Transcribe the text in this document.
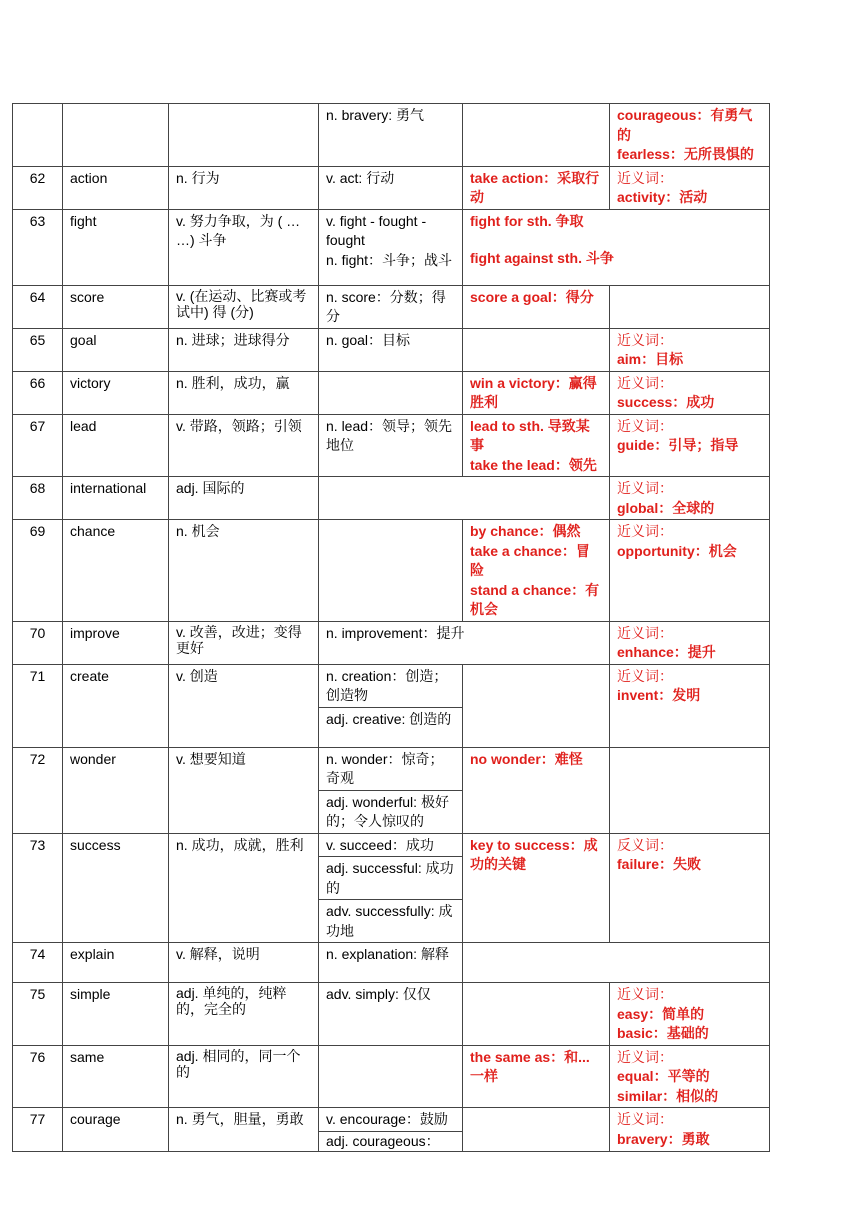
			n. bravery: 勇气		courageous：有勇气的
fearless：无所畏惧的

62	action	n. 行为	v. act: 行动	take action：采取行动	近义词：
activity：活动

63	fight	v. 努力争取，为 ( … …) 斗争	v. fight - fought - fought
n. fight：斗争；战斗	fight for sth. 争取
fight against sth. 斗争	

64	score	v. (在运动、比赛或考试中) 得 (分)	n. score：分数；得分	score a goal：得分	

65	goal	n. 进球；进球得分	n. goal：目标		近义词：
aim：目标

66	victory	n. 胜利，成功，赢		win a victory：赢得胜利	近义词：
success：成功

67	lead	v. 带路，领路；引领	n. lead：领导；领先地位	lead to sth. 导致某事
take the lead：领先	近义词：
guide：引导；指导

68	international	adj. 国际的			近义词：
global：全球的

69	chance	n. 机会		by chance：偶然
take a chance：冒险
stand a chance：有机会	近义词：
opportunity：机会

70	improve	v. 改善，改进；变得更好	n. improvement：提升		近义词：
enhance：提升

71	create	v. 创造	n. creation：创造；创造物		近义词：
invent：发明

			adj. creative: 创造的		

72	wonder	v. 想要知道	n. wonder：惊奇；奇观	no wonder：难怪	

			adj. wonderful: 极好的；令人惊叹的		

73	success	n. 成功，成就，胜利	v. succeed：成功	key to success：成功的关键	反义词：
failure：失败

			adj. successful: 成功的		

			adv. successfully: 成功地		

74	explain	v. 解释，说明	n. explanation: 解释		

75	simple	adj. 单纯的，纯粹的，完全的	adv. simply: 仅仅		近义词：
easy：简单的
basic：基础的

76	same	adj. 相同的，同一个的		the same as：和...一样	近义词：
equal：平等的
similar：相似的

77	courage	n. 勇气，胆量，勇敢	v. encourage：鼓励		近义词：
bravery：勇敢

			adj. courageous：		
